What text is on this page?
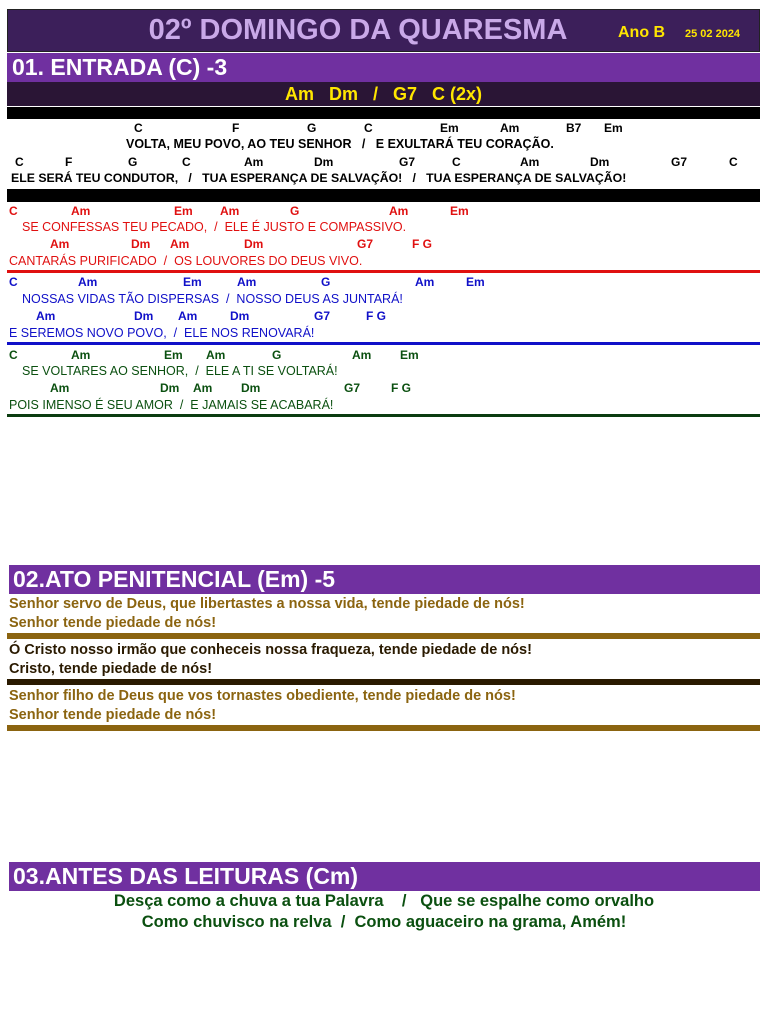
02º DOMINGO DA QUARESMA	Ano B 25 02 2024
01. ENTRADA (C) -3
Am   Dm   /   G7   C (2x)
C	F	G	C	Em	Am	B7 Em
VOLTA, MEU POVO, AO TEU SENHOR   /   E EXULTARÁ TEU CORAÇÃO.
C	F	G	C	Am	Dm	G7	C	Am	Dm	G7	C
ELE SERÁ TEU CONDUTOR,   /   TUA ESPERANÇA DE SALVAÇÃO!   /   TUA ESPERANÇA DE SALVAÇÃO!
C	Am	Em Am	G	Am	Em
SE CONFESSAS TEU PECADO,  /  ELE É JUSTO E COMPASSIVO.
Am	Dm Am	Dm	G7	F G
CANTARÁS PURIFICADO  /  OS LOUVORES DO DEUS VIVO.
C	Am	Em	Am	G	Am	Em
NOSSAS VIDAS TÃO DISPERSAS  /  NOSSO DEUS AS JUNTARÁ!
Am	Dm Am	Dm	G7	F G
E SEREMOS NOVO POVO,  /  ELE NOS RENOVARÁ!
C	Am	Em Am	G	Am Em
SE VOLTARES AO SENHOR,  /  ELE A TI SE VOLTARÁ!
Am	Dm Am Dm	G7	F G
POIS IMENSO É SEU AMOR  /  E JAMAIS SE ACABARÁ!
02.ATO PENITENCIAL (Em) -5
Senhor servo de Deus, que libertastes a nossa vida, tende piedade de nós!
Senhor tende piedade de nós!
Ó Cristo nosso irmão que conheceis nossa fraqueza, tende piedade de nós!
Cristo, tende piedade de nós!
Senhor filho de Deus que vos tornastes obediente, tende piedade de nós!
Senhor tende piedade de nós!
03.ANTES DAS LEITURAS (Cm)
Desça como a chuva a tua Palavra    /   Que se espalhe como orvalho
Como chuvisco na relva  /  Como aguaceiro na grama, Amém!
